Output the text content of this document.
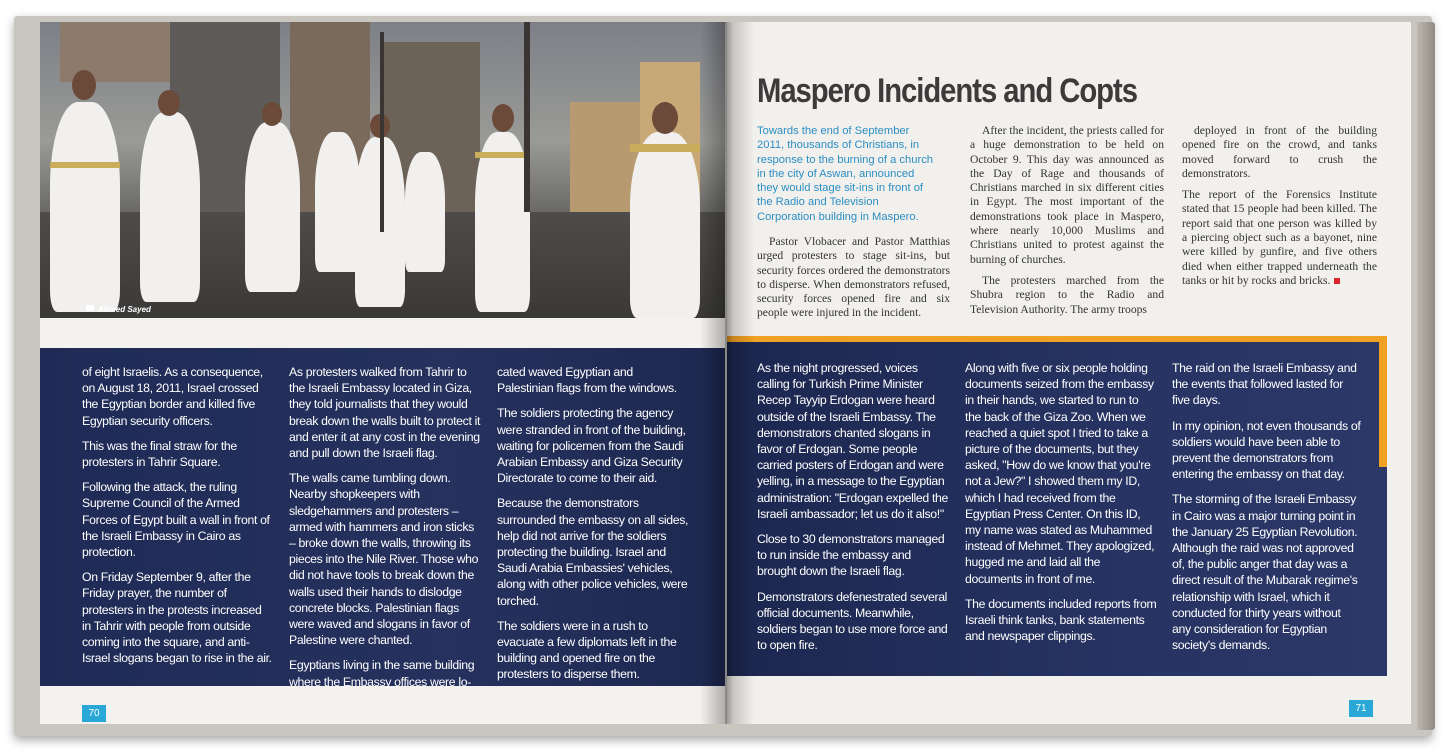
Ahmed Sayed

of eight Israelis. As a consequence, on August 18, 2011, Israel crossed the Egyptian border and killed five Egyptian security officers.

This was the final straw for the protesters in Tahrir Square.

Following the attack, the ruling Supreme Council of the Armed Forces of Egypt built a wall in front of the Israeli Embassy in Cairo as protection.

On Friday September 9, after the Friday prayer, the number of protesters in the protests increased in Tahrir with people from outside coming into the square, and anti-Israel slogans began to rise in the air.

As protesters walked from Tahrir to the Israeli Embassy located in Giza, they told journalists that they would break down the walls built to protect it and enter it at any cost in the evening and pull down the Israeli flag.

The walls came tumbling down. Nearby shopkeepers with sledgehammers and protesters – armed with hammers and iron sticks – broke down the walls, throwing its pieces into the Nile River. Those who did not have tools to break down the walls used their hands to dislodge concrete blocks. Palestinian flags were waved and slogans in favor of Palestine were chanted.

Egyptians living in the same building where the Embassy offices were lo-

cated waved Egyptian and Palestinian flags from the windows.

The soldiers protecting the agency were stranded in front of the building, waiting for policemen from the Saudi Arabian Embassy and Giza Security Directorate to come to their aid.

Because the demonstrators surrounded the embassy on all sides, help did not arrive for the soldiers protecting the building. Israel and Saudi Arabia Embassies' vehicles, along with other police vehicles, were torched.

The soldiers were in a rush to evacuate a few diplomats left in the building and opened fire on the protesters to disperse them.

70
Maspero Incidents and Copts
Towards the end of September 2011, thousands of Christians, in response to the burning of a church in the city of Aswan, announced they would stage sit-ins in front of the Radio and Television Corporation building in Maspero.

Pastor Vlobacer and Pastor Matthias urged protesters to stage sit-ins, but security forces ordered the demonstrators to disperse. When demonstrators refused, security forces opened fire and six people were injured in the incident.

After the incident, the priests called for a huge demonstration to be held on October 9. This day was announced as the Day of Rage and thousands of Christians marched in six different cities in Egypt. The most important of the demonstrations took place in Maspero, where nearly 10,000 Muslims and Christians united to protest against the burning of churches.

The protesters marched from the Shubra region to the Radio and Television Authority. The army troops

deployed in front of the building opened fire on the crowd, and tanks moved forward to crush the demonstrators.

The report of the Forensics Institute stated that 15 people had been killed. The report said that one person was killed by a piercing object such as a bayonet, nine were killed by gunfire, and five others died when either trapped underneath the tanks or hit by rocks and bricks.

As the night progressed, voices calling for Turkish Prime Minister Recep Tayyip Erdogan were heard outside of the Israeli Embassy. The demonstrators chanted slogans in favor of Erdogan. Some people carried posters of Erdogan and were yelling, in a message to the Egyptian administration: "Erdogan expelled the Israeli ambassador; let us do it also!"

Close to 30 demonstrators managed to run inside the embassy and brought down the Israeli flag.

Demonstrators defenestrated several official documents. Meanwhile, soldiers began to use more force and to open fire.

Along with five or six people holding documents seized from the embassy in their hands, we started to run to the back of the Giza Zoo. When we reached a quiet spot I tried to take a picture of the documents, but they asked, "How do we know that you're not a Jew?" I showed them my ID, which I had received from the Egyptian Press Center. On this ID, my name was stated as Muhammed instead of Mehmet. They apologized, hugged me and laid all the documents in front of me.

The documents included reports from Israeli think tanks, bank statements and newspaper clippings.

The raid on the Israeli Embassy and the events that followed lasted for five days.

In my opinion, not even thousands of soldiers would have been able to prevent the demonstrators from entering the embassy on that day.

The storming of the Israeli Embassy in Cairo was a major turning point in the January 25 Egyptian Revolution. Although the raid was not approved of, the public anger that day was a direct result of the Mubarak regime's relationship with Israel, which it conducted for thirty years without any consideration for Egyptian society's demands.

71
